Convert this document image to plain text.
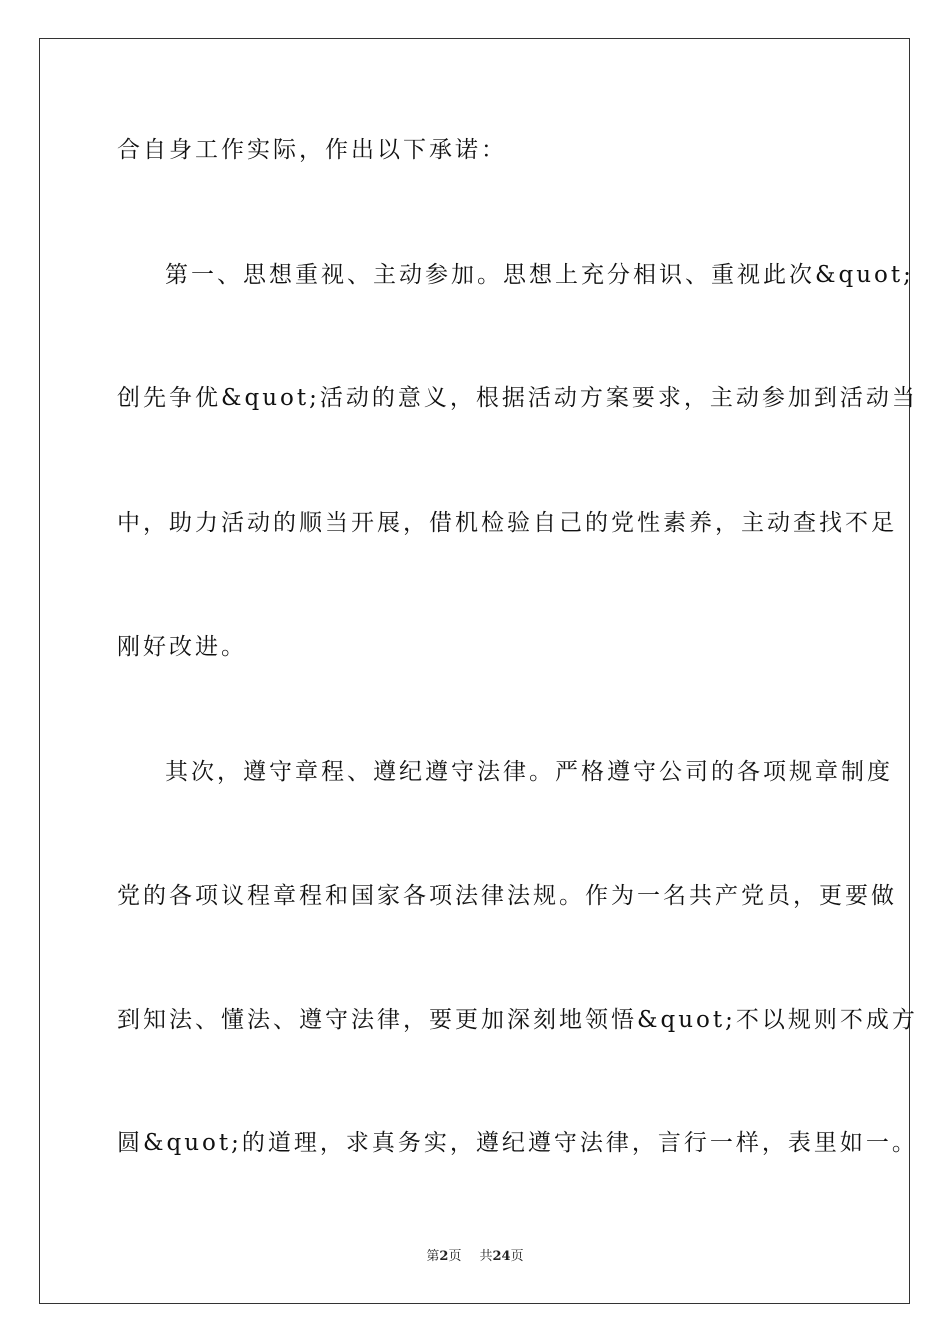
合自身工作实际，作出以下承诺：
第一、思想重视、主动参加。思想上充分相识、重视此次&quot;
创先争优&quot;活动的意义，根据活动方案要求，主动参加到活动当
中，助力活动的顺当开展，借机检验自己的党性素养，主动查找不足
刚好改进。
其次，遵守章程、遵纪遵守法律。严格遵守公司的各项规章制度
党的各项议程章程和国家各项法律法规。作为一名共产党员，更要做
到知法、懂法、遵守法律，要更加深刻地领悟&quot;不以规则不成方
圆&quot;的道理，求真务实，遵纪遵守法律，言行一样，表里如一。
第2页 共24页
